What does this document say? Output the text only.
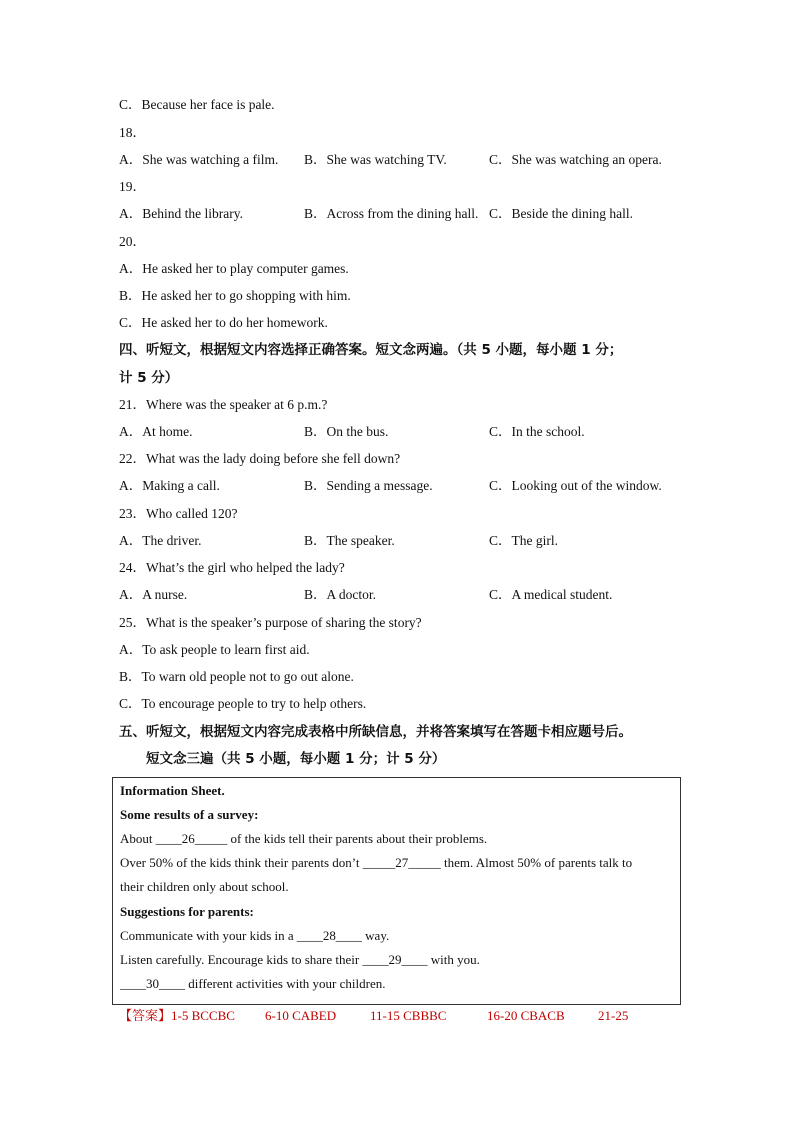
C．Because her face is pale.
18．
A．She was watching a film. B．She was watching TV.	C．She was watching an opera.
19．
A．Behind the library.	B．Across from the dining hall. C．Beside the dining hall.
20．
A．He asked her to play computer games.
B．He asked her to go shopping with him.
C．He asked her to do her homework.
四、听短文，根据短文内容选择正确答案。短文念两遍。（共 5 小题，每小题 1 分；
计 5 分）
21．Where was the speaker at 6 p.m.?
A．At home.	B．On the bus.	C．In the school.
22．What was the lady doing before she fell down?
A．Making a call.	B．Sending a message.	C．Looking out of the window.
23．Who called 120?
A．The driver.	B．The speaker.	C．The girl.
24．What’s the girl who helped the lady?
A．A nurse.	B．A doctor.	C．A medical student.
25．What is the speaker’s purpose of sharing the story?
A．To ask people to learn first aid.
B．To warn old people not to go out alone.
C．To encourage people to try to help others.
五、听短文，根据短文内容完成表格中所缺信息，并将答案填写在答题卡相应题号后。
短文念三遍（共 5 小题，每小题 1 分；计 5 分）
Information Sheet.
Some results of a survey:
About ____26_____ of the kids tell their parents about their problems.
Over 50% of the kids think their parents don’t _____27_____ them. Almost 50% of parents talk to
their children only about school.
Suggestions for parents:
Communicate with your kids in a ____28____ way.
Listen carefully. Encourage kids to share their ____29____ with you.
____30____ different activities with your children.
【答案】1-5 BCCBC 6-10 CABED	11-15 CBBBC	16-20 CBACB	21-25
